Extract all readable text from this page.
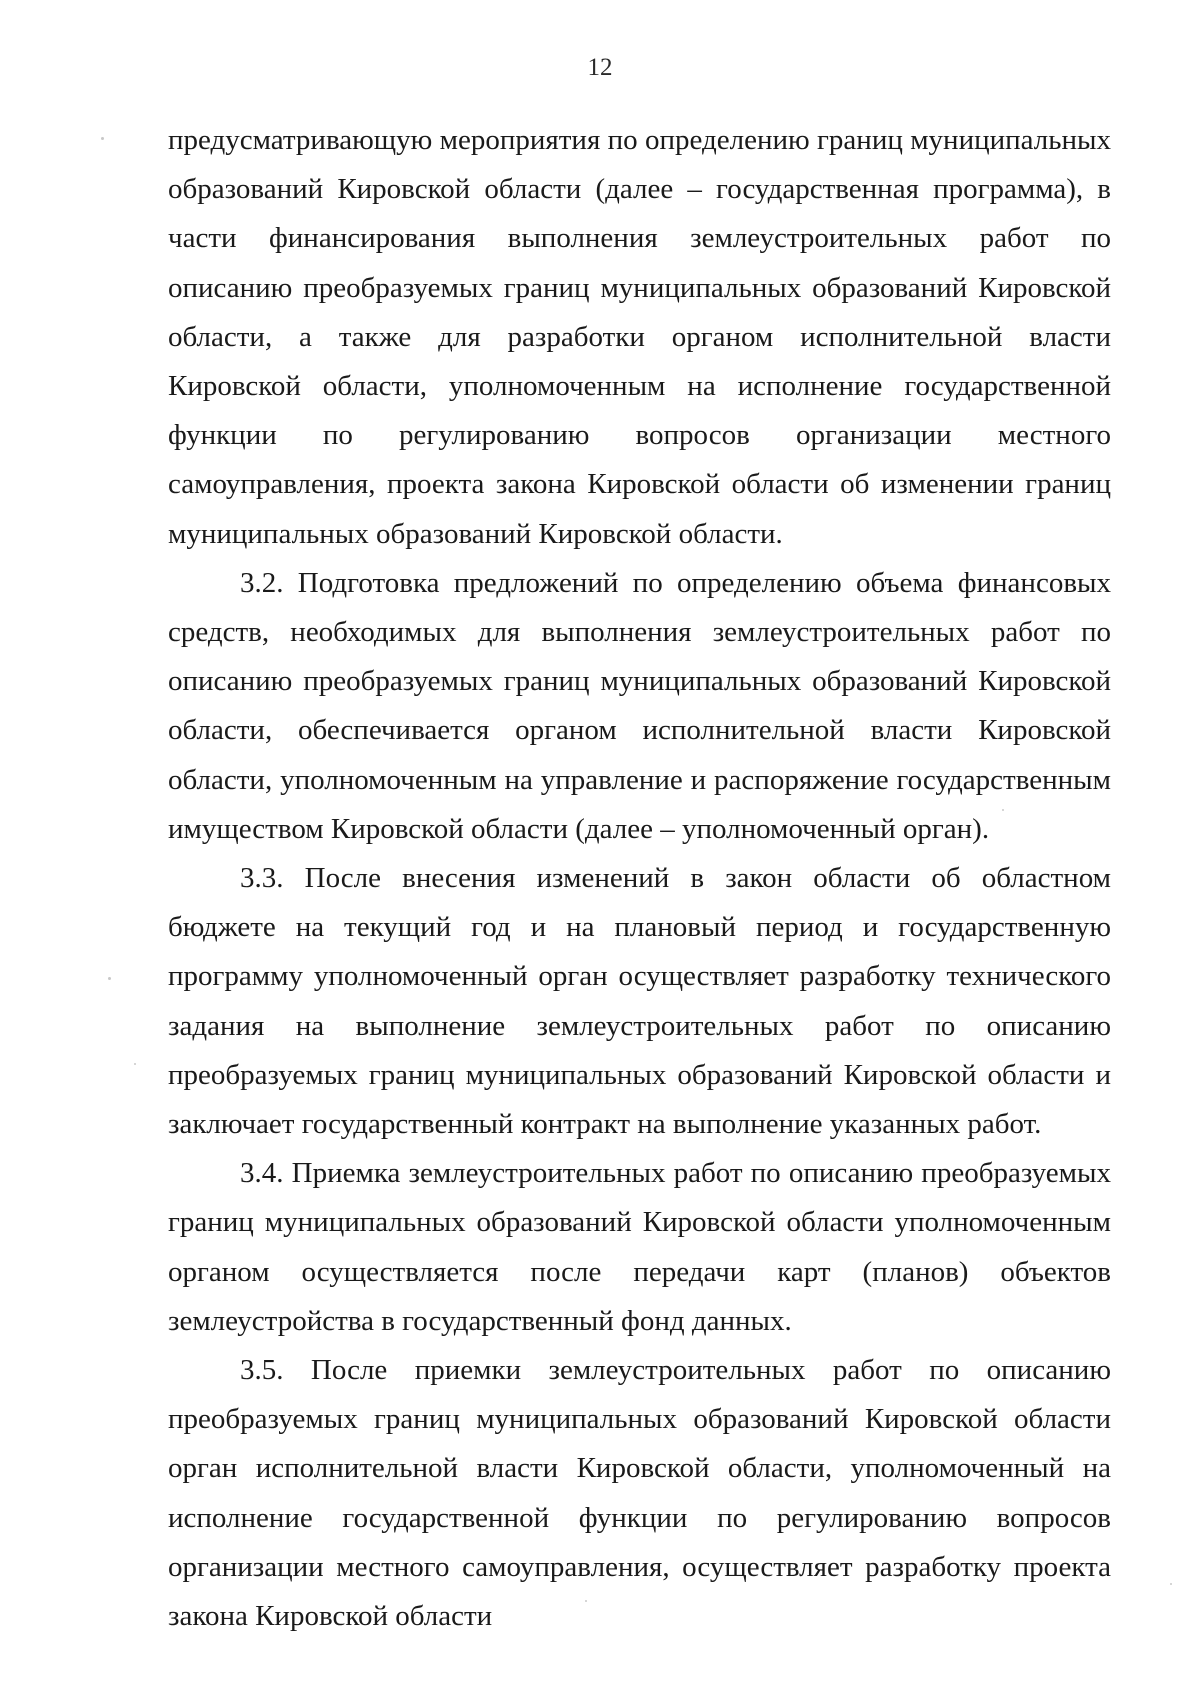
12

предусматривающую мероприятия по определению границ муниципальных образований Кировской области (далее – государственная программа), в части финансирования выполнения землеустроительных работ по описанию преобразуемых границ муниципальных образований Кировской области, а также для разработки органом исполнительной власти Кировской области, уполномоченным на исполнение государственной функции по регулированию вопросов организации местного самоуправления, проекта закона Кировской области об изменении границ муниципальных образований Кировской области.

3.2. Подготовка предложений по определению объема финансовых средств, необходимых для выполнения землеустроительных работ по описанию преобразуемых границ муниципальных образований Кировской области, обеспечивается органом исполнительной власти Кировской области, уполномоченным на управление и распоряжение государственным имуществом Кировской области (далее – уполномоченный орган).

3.3. После внесения изменений в закон области об областном бюджете на текущий год и на плановый период и государственную программу уполномоченный орган осуществляет разработку технического задания на выполнение землеустроительных работ по описанию преобразуемых границ муниципальных образований Кировской области и заключает государственный контракт на выполнение указанных работ.

3.4. Приемка землеустроительных работ по описанию преобразуемых границ муниципальных образований Кировской области уполномоченным органом осуществляется после передачи карт (планов) объектов землеустройства в государственный фонд данных.

3.5. После приемки землеустроительных работ по описанию преобразуемых границ муниципальных образований Кировской области орган исполнительной власти Кировской области, уполномоченный на исполнение государственной функции по регулированию вопросов организации местного самоуправления, осуществляет разработку проекта закона Кировской области
